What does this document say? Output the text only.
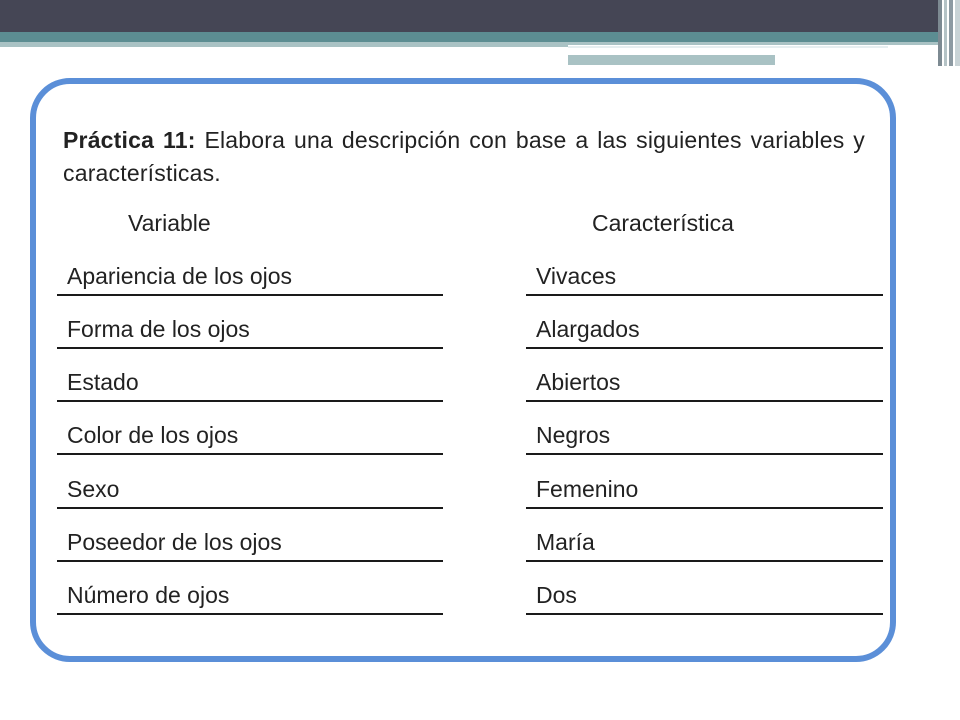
Práctica 11: Elabora una descripción con base a las siguientes variables y características.
Variable	Característica
Apariencia de los ojos	Vivaces
Forma de los ojos	Alargados
Estado	Abiertos
Color de los ojos	Negros
Sexo	Femenino
Poseedor de los ojos	María
Número de ojos	Dos
